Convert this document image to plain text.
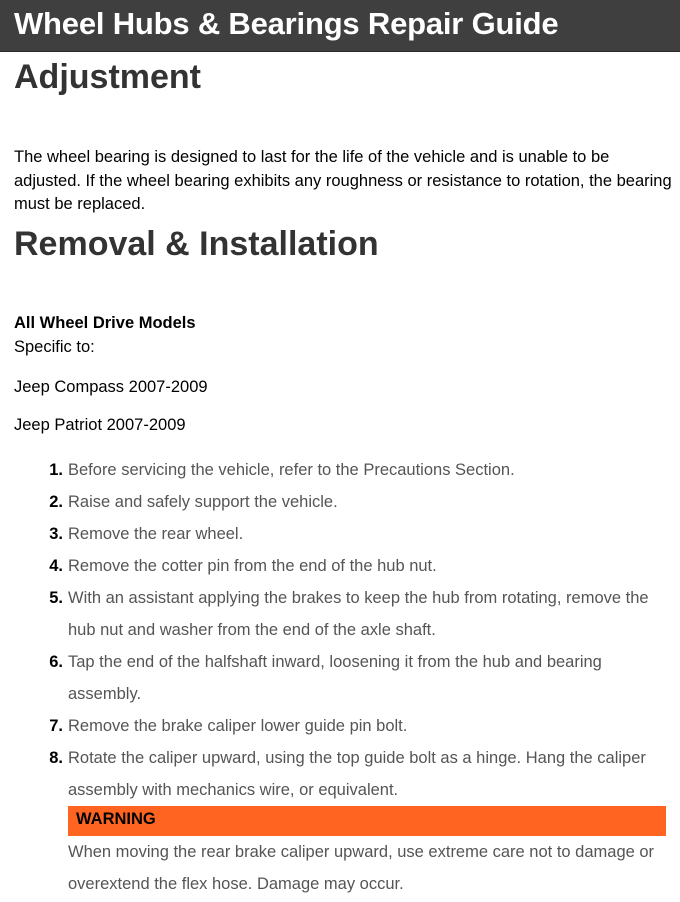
Wheel Hubs & Bearings Repair Guide
Adjustment

The wheel bearing is designed to last for the life of the vehicle and is unable to be adjusted. If the wheel bearing exhibits any roughness or resistance to rotation, the bearing must be replaced.

Removal & Installation
All Wheel Drive Models
Specific to:
Jeep Compass 2007-2009
Jeep Patriot 2007-2009
1. Before servicing the vehicle, refer to the Precautions Section.
2. Raise and safely support the vehicle.
3. Remove the rear wheel.
4. Remove the cotter pin from the end of the hub nut.
5. With an assistant applying the brakes to keep the hub from rotating, remove the hub nut and washer from the end of the axle shaft.
6. Tap the end of the halfshaft inward, loosening it from the hub and bearing assembly.
7. Remove the brake caliper lower guide pin bolt.
8. Rotate the caliper upward, using the top guide bolt as a hinge. Hang the caliper assembly with mechanics wire, or equivalent.
WARNING
When moving the rear brake caliper upward, use extreme care not to damage or overextend the flex hose. Damage may occur.
